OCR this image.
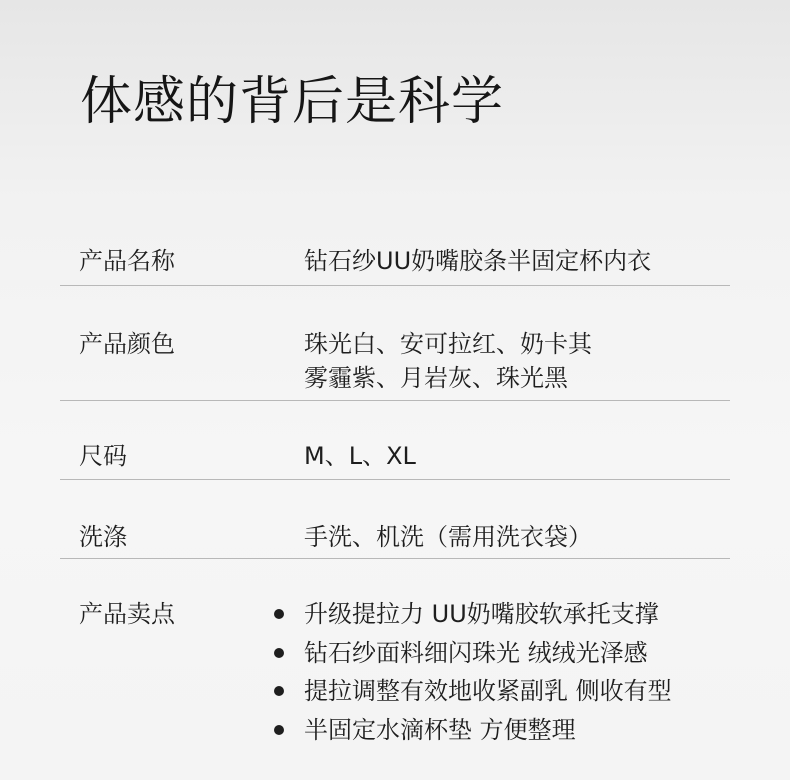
体感的背后是科学
产品名称	钻石纱UU奶嘴胶条半固定杯内衣
产品颜色	珠光白、安可拉红、奶卡其
雾霾紫、月岩灰、珠光黑
尺码	M、L、XL
洗涤	手洗、机洗（需用洗衣袋）
产品卖点	升级提拉力 UU奶嘴胶软承托支撑
钻石纱面料细闪珠光 绒绒光泽感
提拉调整有效地收紧副乳 侧收有型
半固定水滴杯垫 方便整理
